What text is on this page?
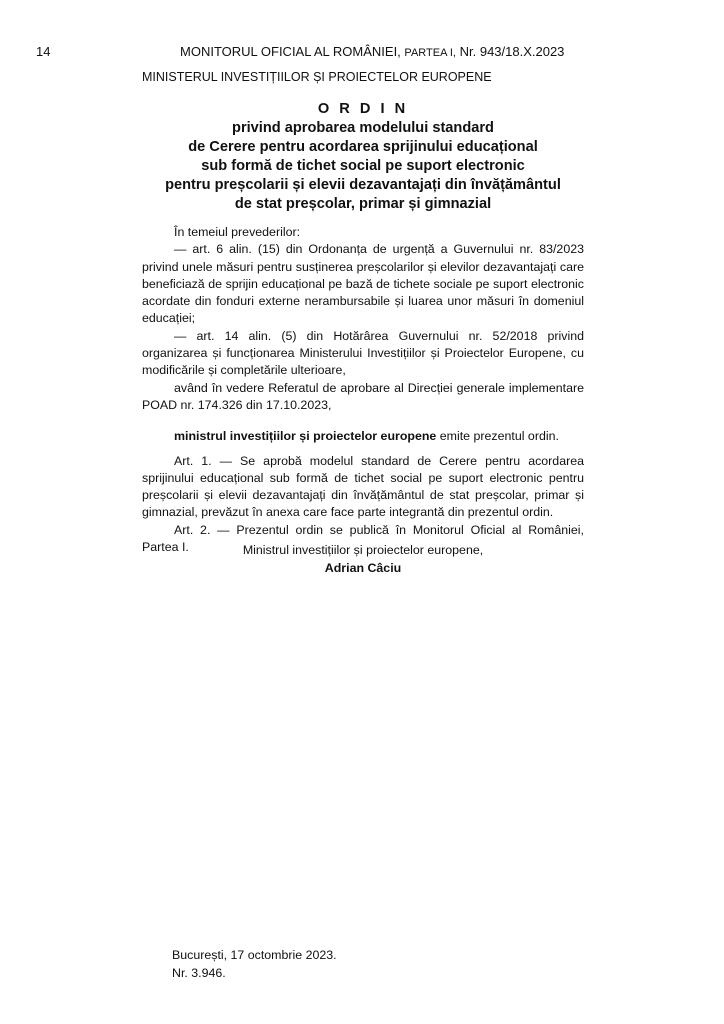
14	MONITORUL OFICIAL AL ROMÂNIEI, PARTEA I, Nr. 943/18.X.2023
MINISTERUL INVESTIȚIILOR ȘI PROIECTELOR EUROPENE
O R D I N
privind aprobarea modelului standard
de Cerere pentru acordarea sprijinului educațional
sub formă de tichet social pe suport electronic
pentru preșcolarii și elevii dezavantajați din învățământul
de stat preșcolar, primar și gimnazial

În temeiul prevederilor:

— art. 6 alin. (15) din Ordonanța de urgență a Guvernului nr. 83/2023 privind unele măsuri pentru susținerea preșcolarilor și elevilor dezavantajați care beneficiază de sprijin educațional pe bază de tichete sociale pe suport electronic acordate din fonduri externe nerambursabile și luarea unor măsuri în domeniul educației;

— art. 14 alin. (5) din Hotărârea Guvernului nr. 52/2018 privind organizarea și funcționarea Ministerului Investițiilor și Proiectelor Europene, cu modificările și completările ulterioare,

având în vedere Referatul de aprobare al Direcției generale implementare POAD nr. 174.326 din 17.10.2023,

ministrul investițiilor și proiectelor europene emite prezentul ordin.

Art. 1. — Se aprobă modelul standard de Cerere pentru acordarea sprijinului educațional sub formă de tichet social pe suport electronic pentru preșcolarii și elevii dezavantajați din învățământul de stat preșcolar, primar și gimnazial, prevăzut în anexa care face parte integrantă din prezentul ordin.

Art. 2. — Prezentul ordin se publică în Monitorul Oficial al României, Partea I.	Ministrul investițiilor și proiectelor europene,
Adrian Câciu
București, 17 octombrie 2023.
Nr. 3.946.
